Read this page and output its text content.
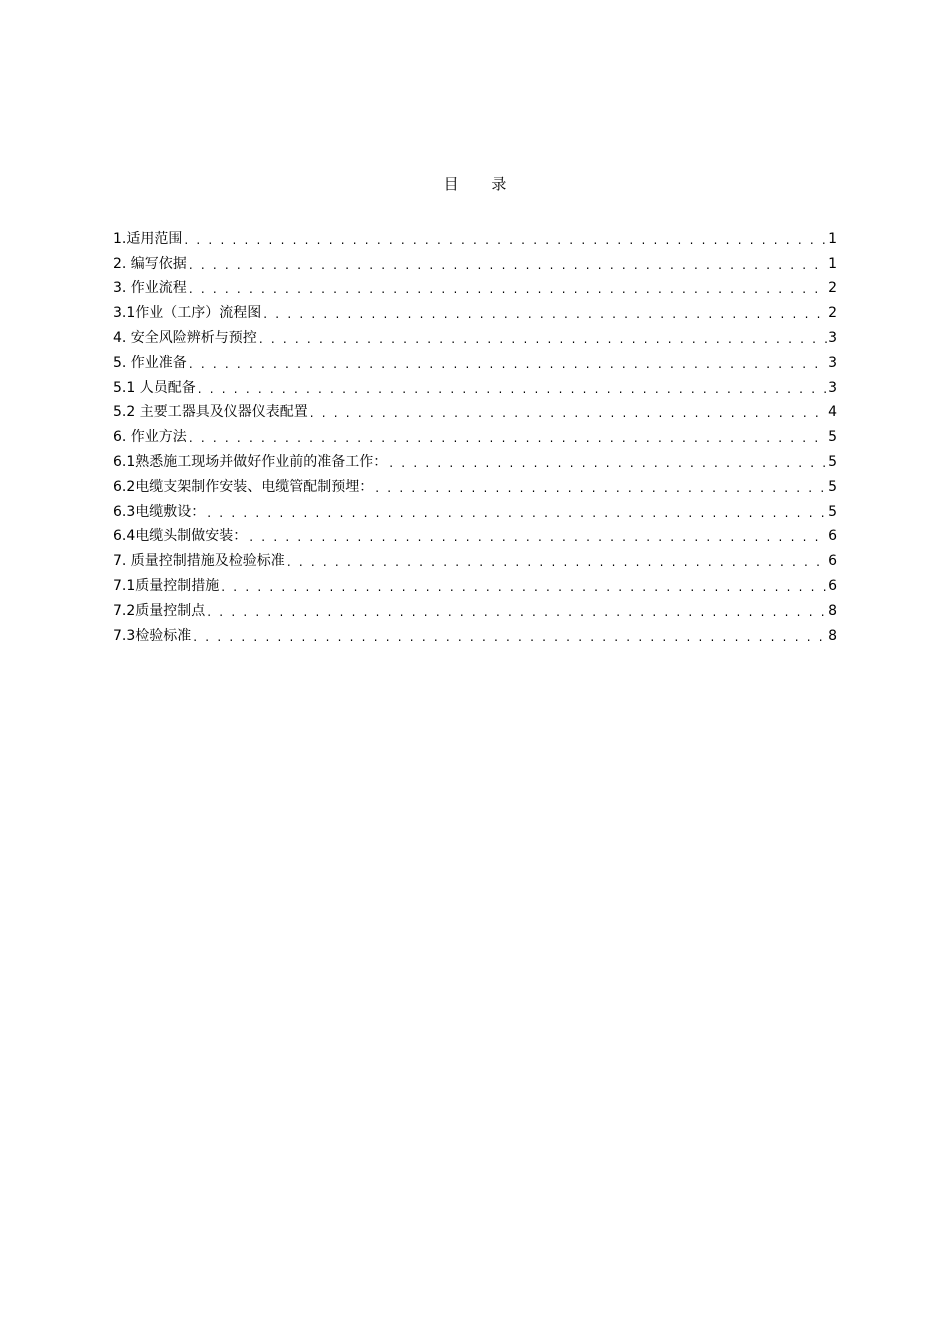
目 录
1.适用范围 . . .	1
2. 编写依据 . . .	1
3. 作业流程 . . .	2
3.1作业（工序）流程图 . . .	2
4. 安全风险辨析与预控 . . .	3
5. 作业准备 . . .	3
5.1 人员配备 . . .	3
5.2 主要工器具及仪器仪表配置 . . .	4
6. 作业方法 . . .	5
6.1熟悉施工现场并做好作业前的准备工作： . . .	5
6.2电缆支架制作安装、电缆管配制预埋： . . .	5
6.3电缆敷设： . . .	5
6.4电缆头制做安装： . . .	6
7. 质量控制措施及检验标准 . . .	6
7.1质量控制措施 . . .	6
7.2质量控制点 . . .	8
7.3检验标准 . . .	8
